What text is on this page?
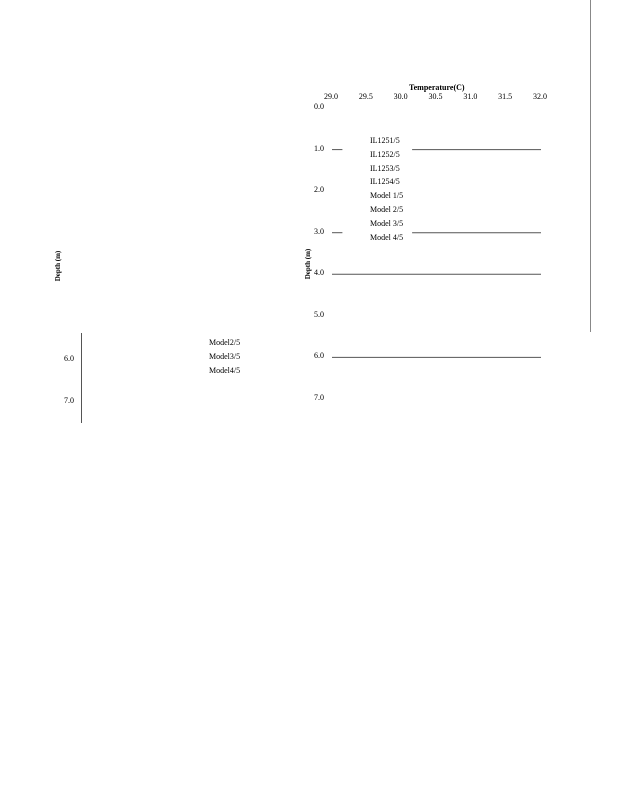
Depth (m)
6.0
7.0
Model2/5
Model3/5
Model4/5
Temperature(C)
Depth (m)
29.0	29.5	30.0	30.5	31.0	31.5	32.0
0.0
1.0
2.0
3.0
4.0
5.0
6.0
7.0
IL1251/5
IL1252/5
IL1253/5
IL1254/5
Model 1/5
Model 2/5
Model 3/5
Model 4/5
